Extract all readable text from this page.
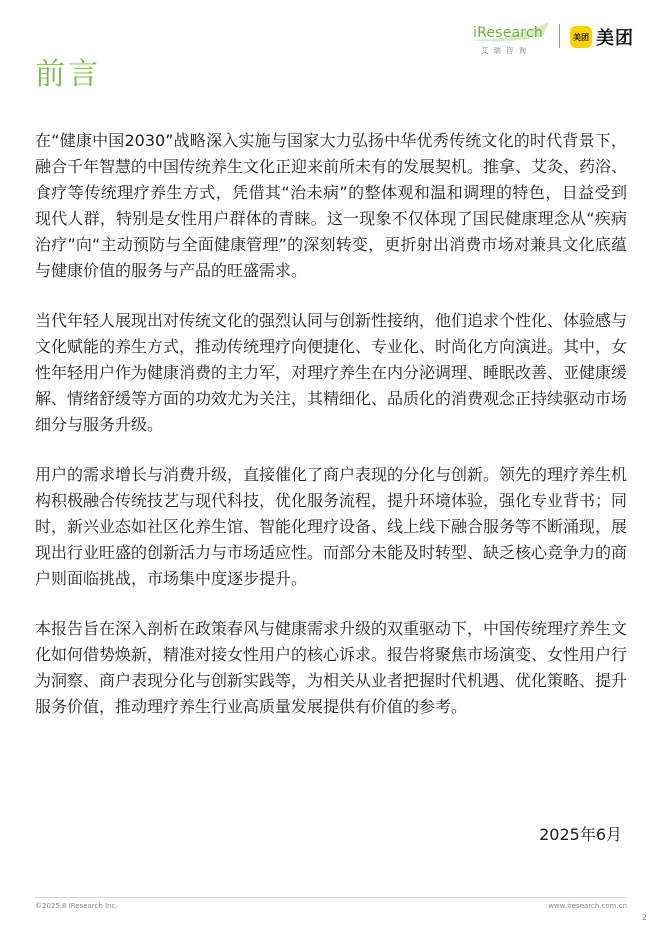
iResearch
艾瑞咨询
美团 美团
前言

在“健康中国2030”战略深入实施与国家大力弘扬中华优秀传统文化的时代背景下，融合千年智慧的中国传统养生文化正迎来前所未有的发展契机。推拿、艾灸、药浴、食疗等传统理疗养生方式，凭借其“治未病”的整体观和温和调理的特色，日益受到现代人群，特别是女性用户群体的青睐。这一现象不仅体现了国民健康理念从“疾病治疗”向“主动预防与全面健康管理”的深刻转变，更折射出消费市场对兼具文化底蕴与健康价值的服务与产品的旺盛需求。

当代年轻人展现出对传统文化的强烈认同与创新性接纳，他们追求个性化、体验感与文化赋能的养生方式，推动传统理疗向便捷化、专业化、时尚化方向演进。其中，女性年轻用户作为健康消费的主力军，对理疗养生在内分泌调理、睡眠改善、亚健康缓解、情绪舒缓等方面的功效尤为关注，其精细化、品质化的消费观念正持续驱动市场细分与服务升级。

用户的需求增长与消费升级，直接催化了商户表现的分化与创新。领先的理疗养生机构积极融合传统技艺与现代科技，优化服务流程，提升环境体验，强化专业背书；同时，新兴业态如社区化养生馆、智能化理疗设备、线上线下融合服务等不断涌现，展现出行业旺盛的创新活力与市场适应性。而部分未能及时转型、缺乏核心竞争力的商户则面临挑战，市场集中度逐步提升。

本报告旨在深入剖析在政策春风与健康需求升级的双重驱动下，中国传统理疗养生文化如何借势焕新，精准对接女性用户的核心诉求。报告将聚焦市场演变、女性用户行为洞察、商户表现分化与创新实践等，为相关从业者把握时代机遇、优化策略、提升服务价值，推动理疗养生行业高质量发展提供有价值的参考。

2025年6月
©2025.8 iResearch Inc.	www.iresearch.com.cn
2
